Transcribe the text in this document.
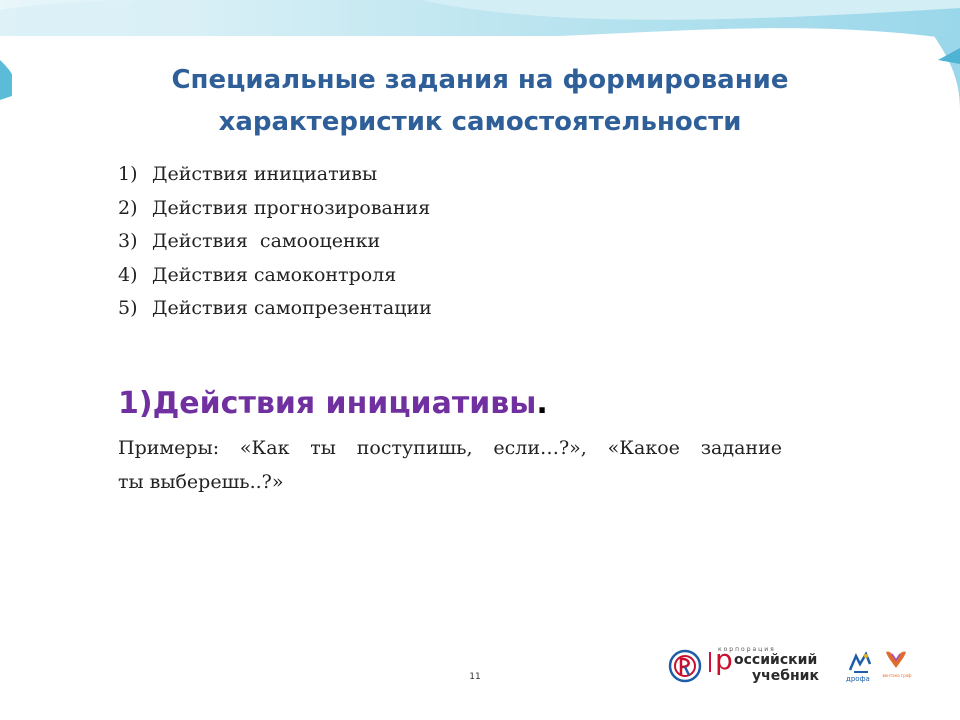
Специальные задания на формирование
характеристик самостоятельности
1) Действия инициативы
2) Действия прогнозирования
3) Действия  самооценки
4) Действия самоконтроля
5) Действия самопрезентации
1)Действия инициативы.
Примеры: «Как ты поступишь, если…?», «Какое задание
ты выберешь..?»
11
корпорация
р оссийский
учебник	дрофа	вентана граф
